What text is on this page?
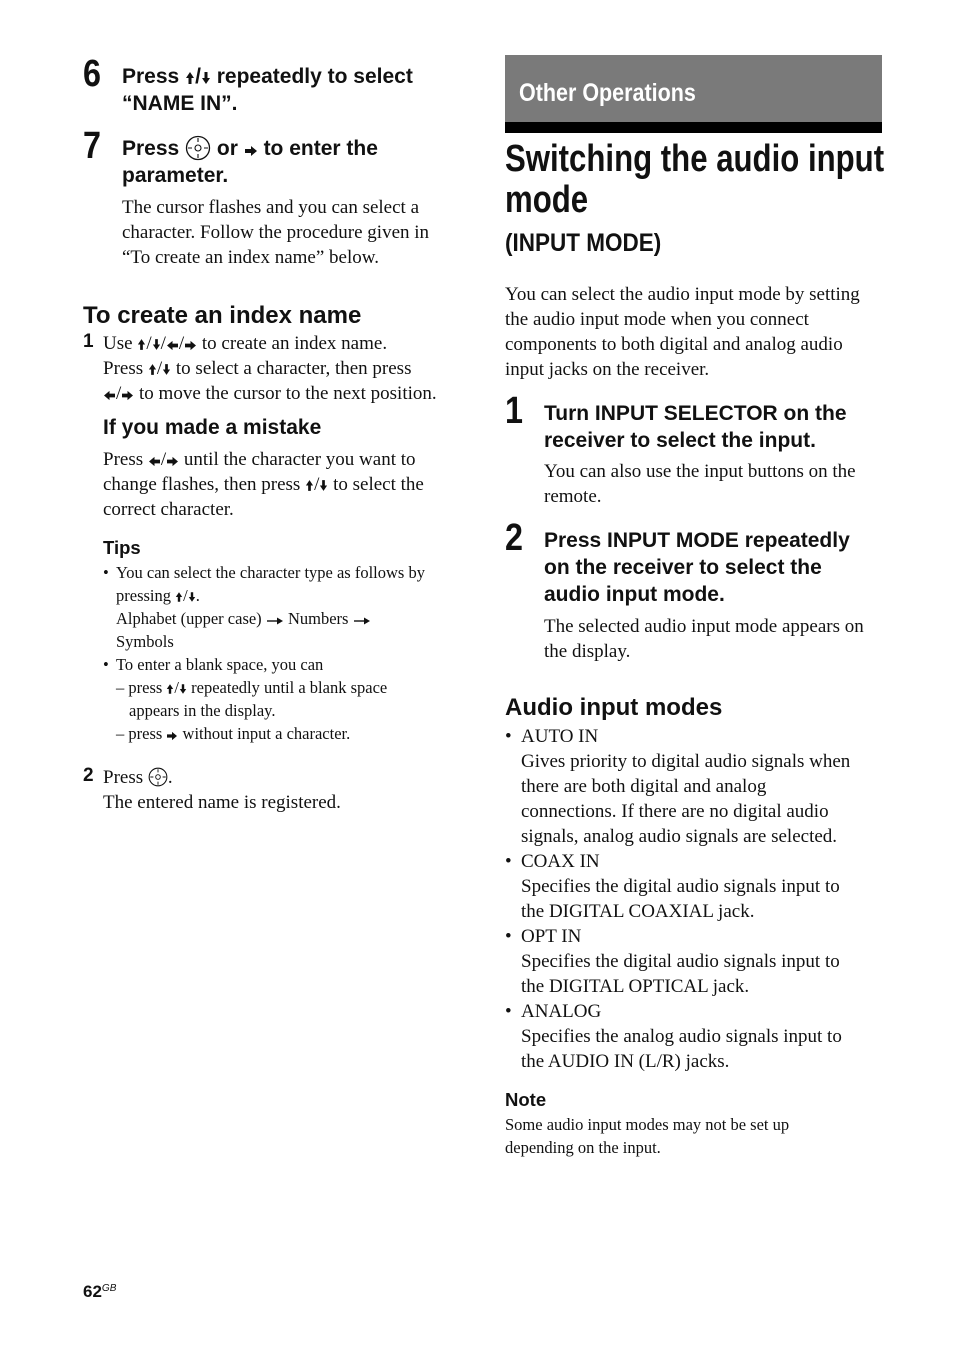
6 Press / repeatedly to select
“NAME IN”.
7 Press  or  to enter the
parameter.
The cursor flashes and you can select a
character. Follow the procedure given in
“To create an index name” below.
To create an index name
1 Use / / / to create an index name.
Press / to select a character, then press
/ to move the cursor to the next position.
If you made a mistake
Press / until the character you want to
change flashes, then press / to select the
correct character.
Tips
• You can select the character type as follows by
pressing / .
Alphabet (upper case)  Numbers
Symbols
• To enter a blank space, you can
– press / repeatedly until a blank space
appears in the display.
– press  without input a character.
2 Press .
The entered name is registered.
Other Operations
Switching the audio input
mode
(INPUT MODE)
You can select the audio input mode by setting
the audio input mode when you connect
components to both digital and analog audio
input jacks on the receiver.
1 Turn INPUT SELECTOR on the
receiver to select the input.
You can also use the input buttons on the
remote.
2 Press INPUT MODE repeatedly
on the receiver to select the
audio input mode.
The selected audio input mode appears on
the display.
Audio input modes
• AUTO IN
Gives priority to digital audio signals when
there are both digital and analog
connections. If there are no digital audio
signals, analog audio signals are selected.
• COAX IN
Specifies the digital audio signals input to
the DIGITAL COAXIAL jack.
• OPT IN
Specifies the digital audio signals input to
the DIGITAL OPTICAL jack.
• ANALOG
Specifies the analog audio signals input to
the AUDIO IN (L/R) jacks.
Note
Some audio input modes may not be set up
depending on the input.
$62^{GB}$
